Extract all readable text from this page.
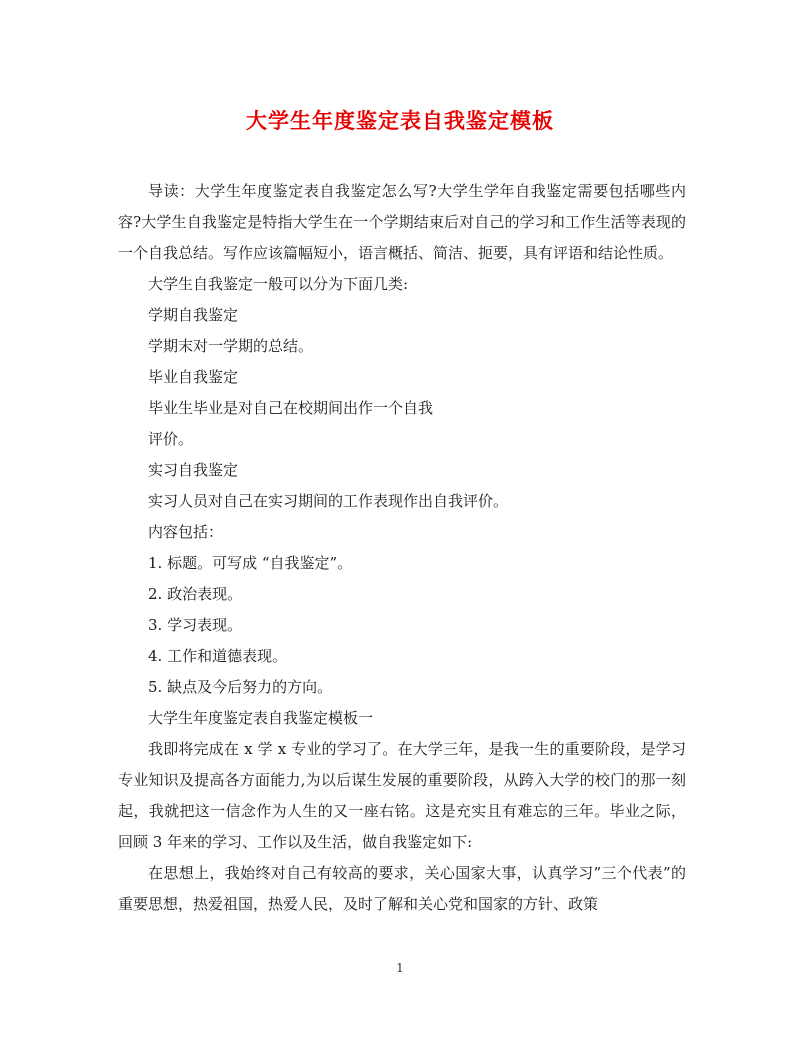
大学生年度鉴定表自我鉴定模板

导读：大学生年度鉴定表自我鉴定怎么写?大学生学年自我鉴定需要包括哪些内容?大学生自我鉴定是特指大学生在一个学期结束后对自己的学习和工作生活等表现的一个自我总结。写作应该篇幅短小，语言概括、简洁、扼要，具有评语和结论性质。

大学生自我鉴定一般可以分为下面几类:

学期自我鉴定

学期末对一学期的总结。

毕业自我鉴定

毕业生毕业是对自己在校期间出作一个自我

评价。

实习自我鉴定

实习人员对自己在实习期间的工作表现作出自我评价。

内容包括：

1. 标题。可写成 “自我鉴定”。

2. 政治表现。

3. 学习表现。

4. 工作和道德表现。

5. 缺点及今后努力的方向。

大学生年度鉴定表自我鉴定模板一

我即将完成在 x 学 x 专业的学习了。在大学三年，是我一生的重要阶段，是学习专业知识及提高各方面能力,为以后谋生发展的重要阶段，从跨入大学的校门的那一刻起，我就把这一信念作为人生的又一座右铭。这是充实且有难忘的三年。毕业之际，回顾 3 年来的学习、工作以及生活，做自我鉴定如下:

在思想上，我始终对自己有较高的要求，关心国家大事，认真学习”三个代表”的重要思想，热爱祖国，热爱人民，及时了解和关心党和国家的方针、政策

1
